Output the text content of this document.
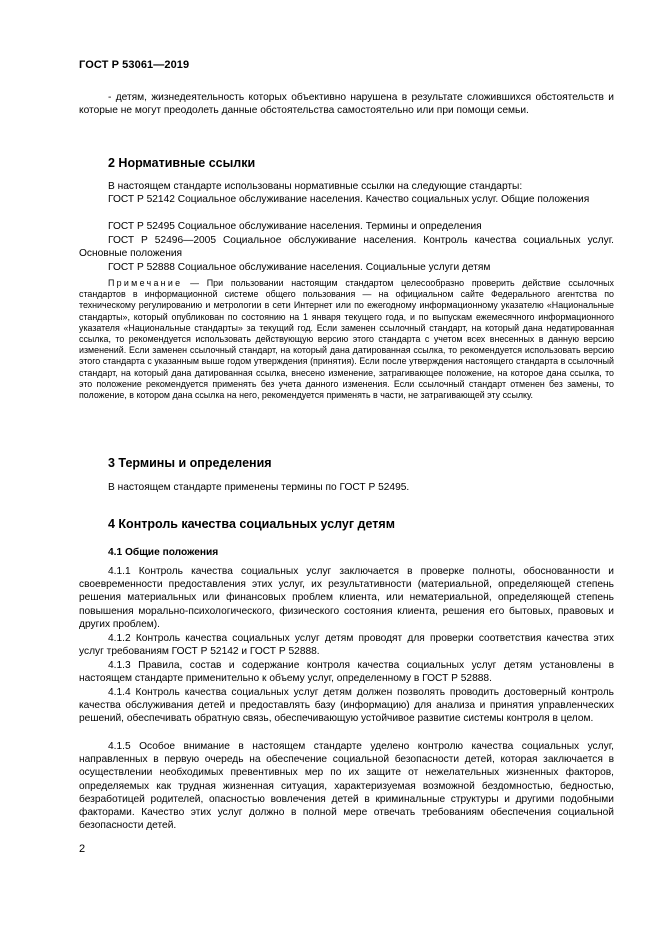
ГОСТ Р 53061—2019
- детям, жизнедеятельность которых объективно нарушена в результате сложившихся обстоятельств и которые не могут преодолеть данные обстоятельства самостоятельно или при помощи семьи.
2 Нормативные ссылки
В настоящем стандарте использованы нормативные ссылки на следующие стандарты:
ГОСТ Р 52142 Социальное обслуживание населения. Качество социальных услуг. Общие положения
ГОСТ Р 52495 Социальное обслуживание населения. Термины и определения
ГОСТ Р 52496—2005 Социальное обслуживание населения. Контроль качества социальных услуг. Основные положения
ГОСТ Р 52888 Социальное обслуживание населения. Социальные услуги детям
Примечание — При пользовании настоящим стандартом целесообразно проверить действие ссылочных стандартов в информационной системе общего пользования — на официальном сайте Федерального агентства по техническому регулированию и метрологии в сети Интернет или по ежегодному информационному указателю «Национальные стандарты», который опубликован по состоянию на 1 января текущего года, и по выпускам ежемесячного информационного указателя «Национальные стандарты» за текущий год. Если заменен ссылочный стандарт, на который дана недатированная ссылка, то рекомендуется использовать действующую версию этого стандарта с учетом всех внесенных в данную версию изменений. Если заменен ссылочный стандарт, на который дана датированная ссылка, то рекомендуется использовать версию этого стандарта с указанным выше годом утверждения (принятия). Если после утверждения настоящего стандарта в ссылочный стандарт, на который дана датированная ссылка, внесено изменение, затрагивающее положение, на которое дана ссылка, то это положение рекомендуется применять без учета данного изменения. Если ссылочный стандарт отменен без замены, то положение, в котором дана ссылка на него, рекомендуется применять в части, не затрагивающей эту ссылку.
3 Термины и определения
В настоящем стандарте применены термины по ГОСТ Р 52495.
4 Контроль качества социальных услуг детям
4.1 Общие положения
4.1.1 Контроль качества социальных услуг заключается в проверке полноты, обоснованности и своевременности предоставления этих услуг, их результативности (материальной, определяющей степень решения материальных или финансовых проблем клиента, или нематериальной, определяющей степень повышения морально-психологического, физического состояния клиента, решения его бытовых, правовых и других проблем).
4.1.2 Контроль качества социальных услуг детям проводят для проверки соответствия качества этих услуг требованиям ГОСТ Р 52142 и ГОСТ Р 52888.
4.1.3 Правила, состав и содержание контроля качества социальных услуг детям установлены в настоящем стандарте применительно к объему услуг, определенному в ГОСТ Р 52888.
4.1.4 Контроль качества социальных услуг детям должен позволять проводить достоверный контроль качества обслуживания детей и предоставлять базу (информацию) для анализа и принятия управленческих решений, обеспечивать обратную связь, обеспечивающую устойчивое развитие системы контроля в целом.
4.1.5 Особое внимание в настоящем стандарте уделено контролю качества социальных услуг, направленных в первую очередь на обеспечение социальной безопасности детей, которая заключается в осуществлении необходимых превентивных мер по их защите от нежелательных жизненных факторов, определяемых как трудная жизненная ситуация, характеризуемая возможной бездомностью, бедностью, безработицей родителей, опасностью вовлечения детей в криминальные структуры и другими подобными факторами. Качество этих услуг должно в полной мере отвечать требованиям обеспечения социальной безопасности детей.
2
